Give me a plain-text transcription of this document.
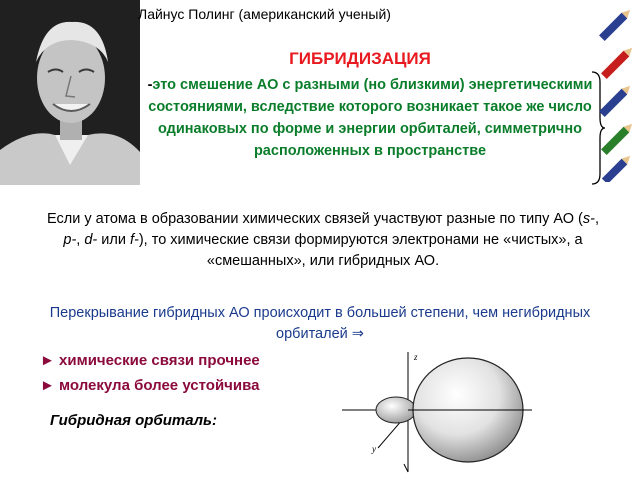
Лайнус Полинг (американский ученый)
ГИБРИДИЗАЦИЯ
-это смешение АО с разными (но близкими) энергетическими состояниями, вследствие которого возникает такое же число одинаковых по форме и энергии орбиталей, симметрично расположенных в пространстве
Если у атома в образовании химических связей участвуют разные по типу АО (s-, p-, d- или f-), то химические связи формируются электронами не «чистых», а «смешанных», или гибридных АО.
Перекрывание гибридных АО происходит в большей степени, чем негибридных орбиталей ⇒
► химические связи прочнее
► молекула более устойчива
Гибридная орбиталь:
z
y
